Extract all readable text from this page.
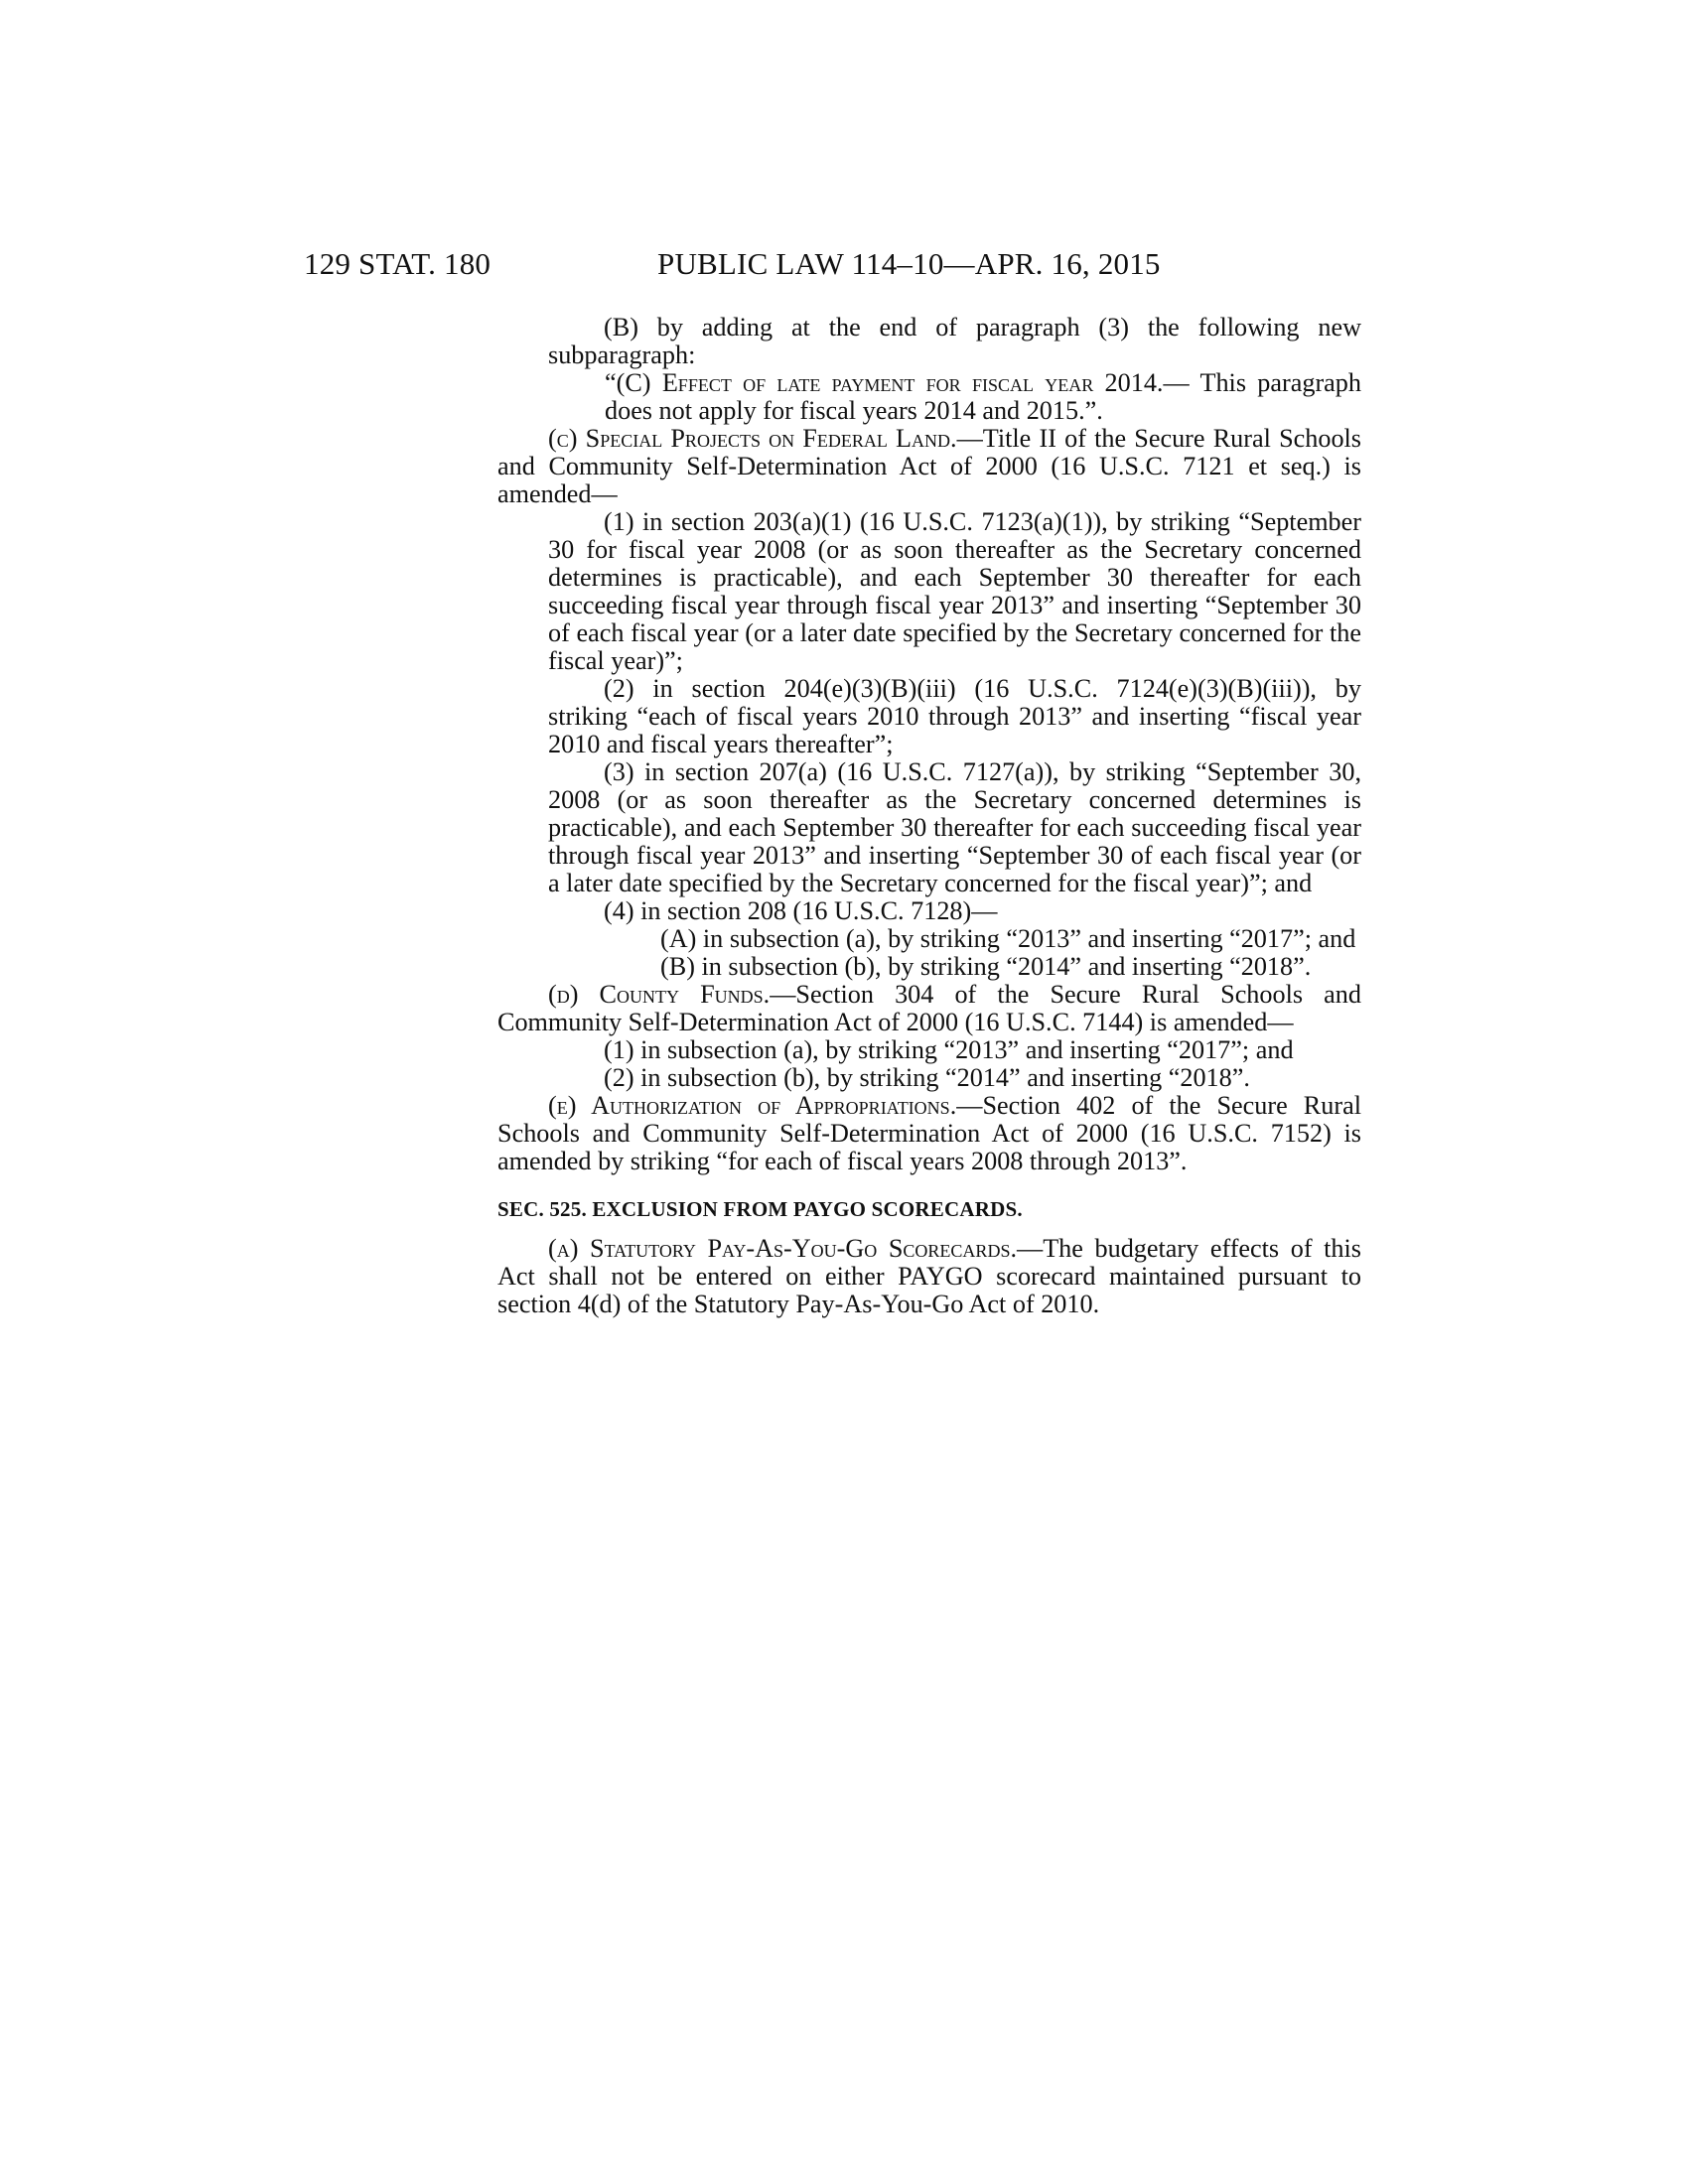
129 STAT. 180	PUBLIC LAW 114–10—APR. 16, 2015

(B) by adding at the end of paragraph (3) the following new subparagraph:

“(C) Effect of late payment for fiscal year 2014.— This paragraph does not apply for fiscal years 2014 and 2015.”.

(c) Special Projects on Federal Land.—Title II of the Secure Rural Schools and Community Self-Determination Act of 2000 (16 U.S.C. 7121 et seq.) is amended—

(1) in section 203(a)(1) (16 U.S.C. 7123(a)(1)), by striking “September 30 for fiscal year 2008 (or as soon thereafter as the Secretary concerned determines is practicable), and each September 30 thereafter for each succeeding fiscal year through fiscal year 2013” and inserting “September 30 of each fiscal year (or a later date specified by the Secretary concerned for the fiscal year)”;

(2) in section 204(e)(3)(B)(iii) (16 U.S.C. 7124(e)(3)(B)(iii)), by striking “each of fiscal years 2010 through 2013” and inserting “fiscal year 2010 and fiscal years thereafter”;

(3) in section 207(a) (16 U.S.C. 7127(a)), by striking “September 30, 2008 (or as soon thereafter as the Secretary concerned determines is practicable), and each September 30 thereafter for each succeeding fiscal year through fiscal year 2013” and inserting “September 30 of each fiscal year (or a later date specified by the Secretary concerned for the fiscal year)”; and

(4) in section 208 (16 U.S.C. 7128)—

(A) in subsection (a), by striking “2013” and inserting “2017”; and

(B) in subsection (b), by striking “2014” and inserting “2018”.

(d) County Funds.—Section 304 of the Secure Rural Schools and Community Self-Determination Act of 2000 (16 U.S.C. 7144) is amended—

(1) in subsection (a), by striking “2013” and inserting “2017”; and

(2) in subsection (b), by striking “2014” and inserting “2018”.

(e) Authorization of Appropriations.—Section 402 of the Secure Rural Schools and Community Self-Determination Act of 2000 (16 U.S.C. 7152) is amended by striking “for each of fiscal years 2008 through 2013”.

SEC. 525. EXCLUSION FROM PAYGO SCORECARDS.

(a) Statutory Pay-As-You-Go Scorecards.—The budgetary effects of this Act shall not be entered on either PAYGO scorecard maintained pursuant to section 4(d) of the Statutory Pay-As-You-Go Act of 2010.
